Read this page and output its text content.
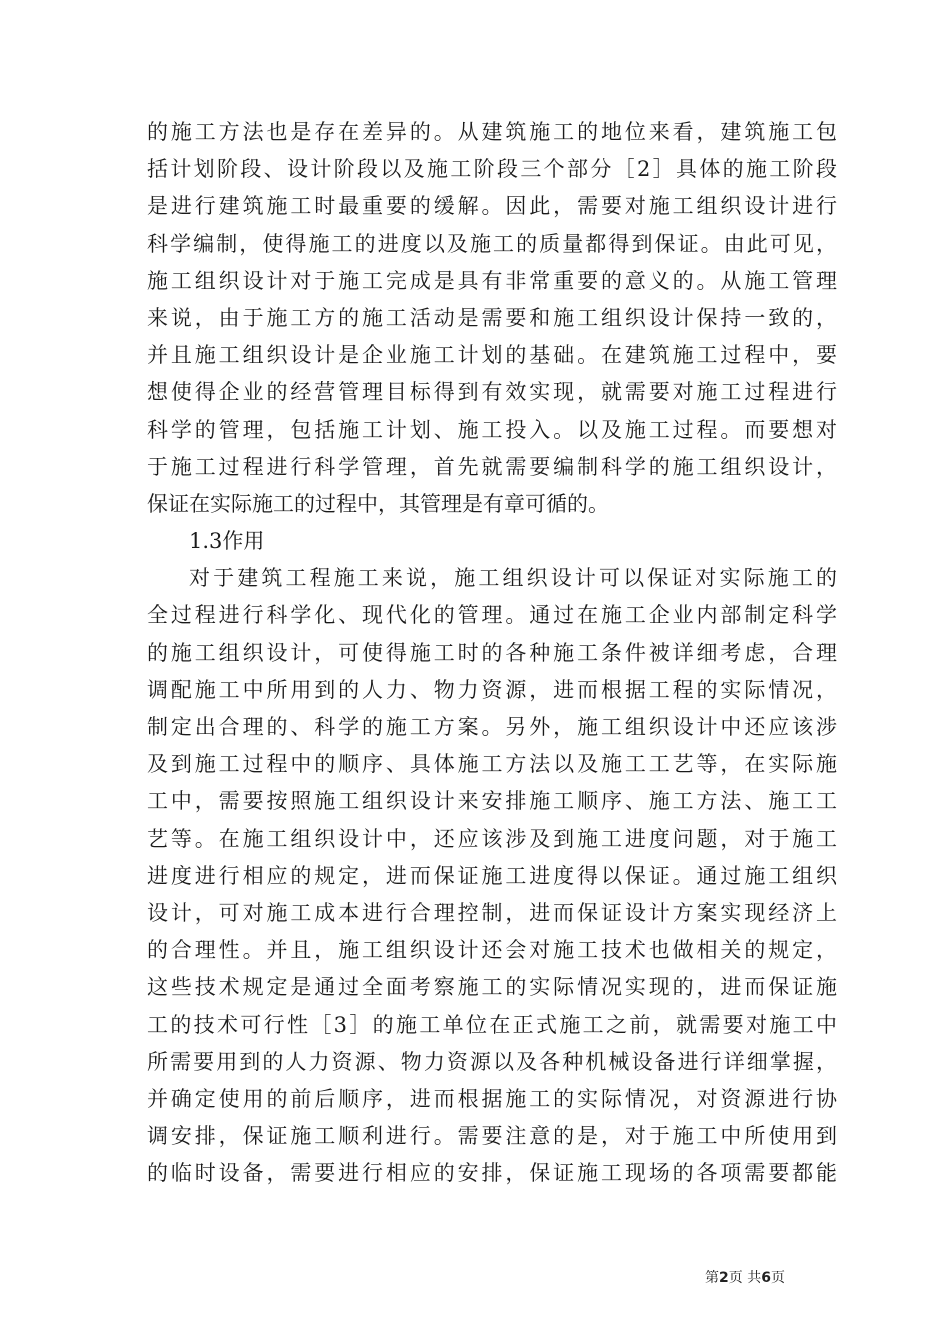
的施工方法也是存在差异的。从建筑施工的地位来看，建筑施工包
括计划阶段、设计阶段以及施工阶段三个部分［2］具体的施工阶段
是进行建筑施工时最重要的缓解。因此，需要对施工组织设计进行
科学编制，使得施工的进度以及施工的质量都得到保证。由此可见，
施工组织设计对于施工完成是具有非常重要的意义的。从施工管理
来说，由于施工方的施工活动是需要和施工组织设计保持一致的，
并且施工组织设计是企业施工计划的基础。在建筑施工过程中，要
想使得企业的经营管理目标得到有效实现，就需要对施工过程进行
科学的管理，包括施工计划、施工投入。以及施工过程。而要想对
于施工过程进行科学管理，首先就需要编制科学的施工组织设计，
保证在实际施工的过程中，其管理是有章可循的。
1.3作用
对于建筑工程施工来说，施工组织设计可以保证对实际施工的
全过程进行科学化、现代化的管理。通过在施工企业内部制定科学
的施工组织设计，可使得施工时的各种施工条件被详细考虑，合理
调配施工中所用到的人力、物力资源，进而根据工程的实际情况，
制定出合理的、科学的施工方案。另外，施工组织设计中还应该涉
及到施工过程中的顺序、具体施工方法以及施工工艺等，在实际施
工中，需要按照施工组织设计来安排施工顺序、施工方法、施工工
艺等。在施工组织设计中，还应该涉及到施工进度问题，对于施工
进度进行相应的规定，进而保证施工进度得以保证。通过施工组织
设计，可对施工成本进行合理控制，进而保证设计方案实现经济上
的合理性。并且，施工组织设计还会对施工技术也做相关的规定，
这些技术规定是通过全面考察施工的实际情况实现的，进而保证施
工的技术可行性［3］的施工单位在正式施工之前，就需要对施工中
所需要用到的人力资源、物力资源以及各种机械设备进行详细掌握，
并确定使用的前后顺序，进而根据施工的实际情况，对资源进行协
调安排，保证施工顺利进行。需要注意的是，对于施工中所使用到
的临时设备，需要进行相应的安排，保证施工现场的各项需要都能
第2页 共6页
